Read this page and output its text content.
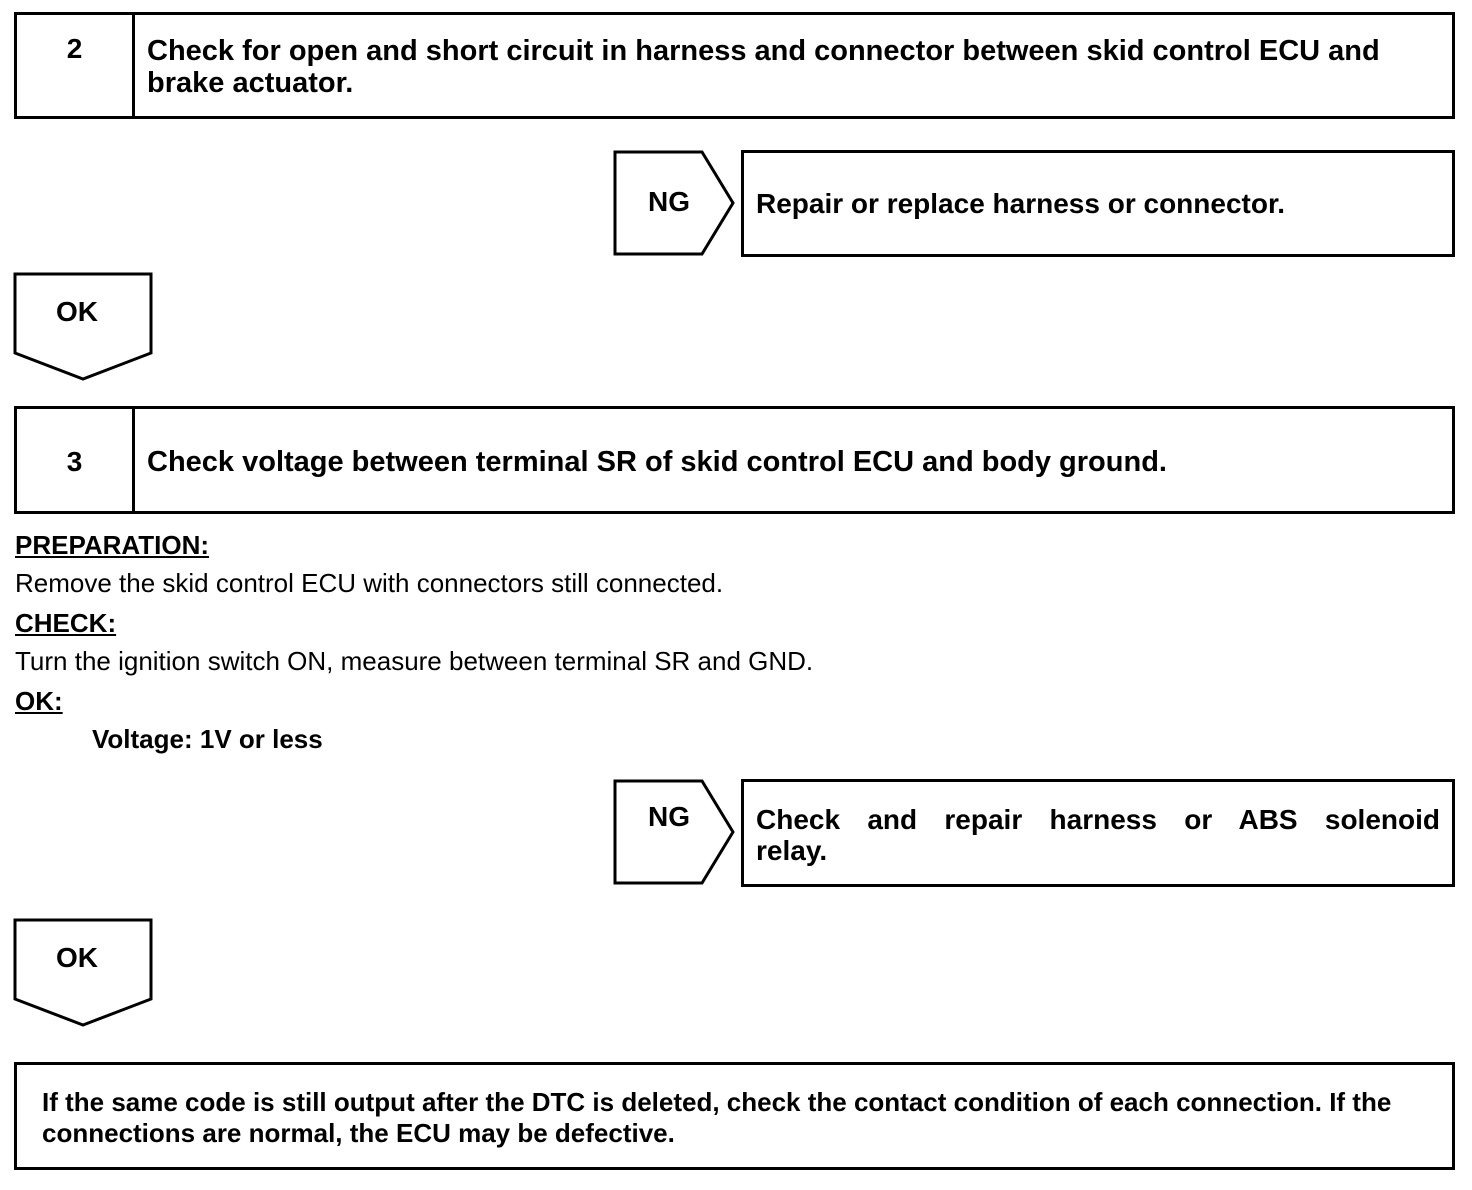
2	Check for open and short circuit in harness and connector between skid control ECU and brake actuator.
NG	Repair or replace harness or connector.
OK
3	Check voltage between terminal SR of skid control ECU and body ground.
PREPARATION:
Remove the skid control ECU with connectors still connected.
CHECK:
Turn the ignition switch ON, measure between terminal SR and GND.
OK:
Voltage: 1V or less
NG	Check and repair harness or ABS solenoid relay.
OK
If the same code is still output after the DTC is deleted, check the contact condition of each connection. If the connections are normal, the ECU may be defective.
